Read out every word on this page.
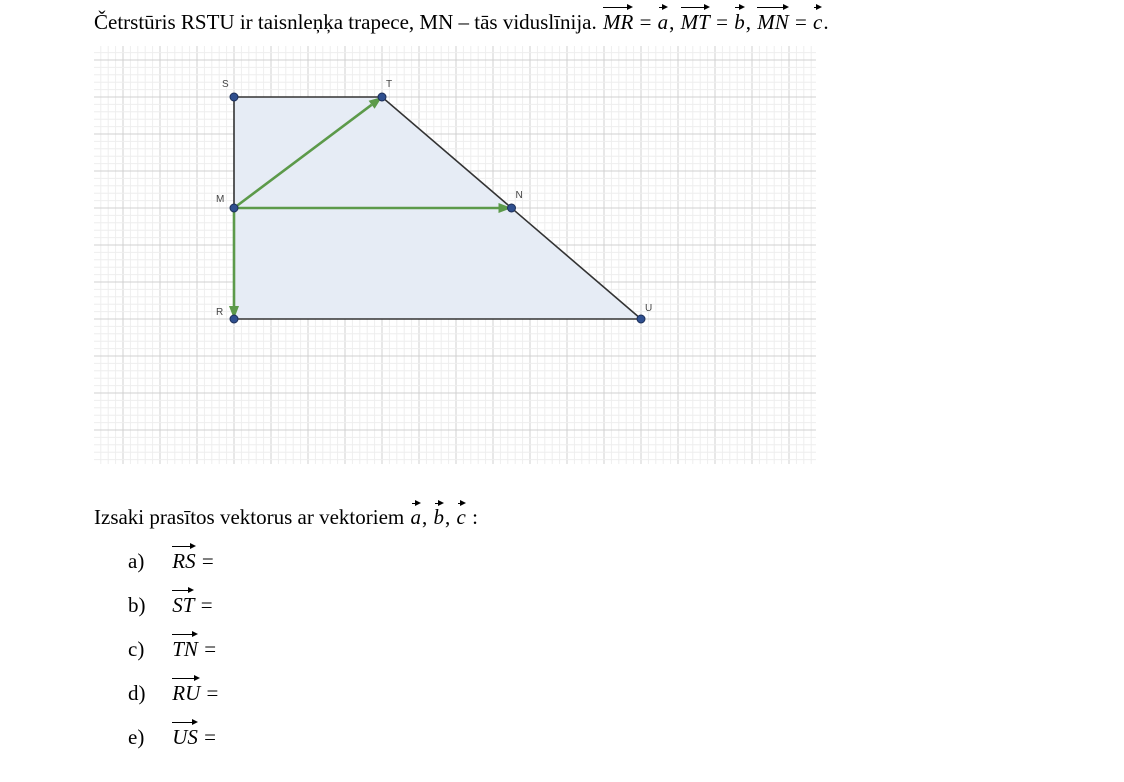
Četrstūris RSTU ir taisnleņķa trapece, MN – tās viduslīnija. MR = a, MT = b, MN = c.
S	T
M	N
R	U
Izsaki prasītos vektorus ar vektoriem a, b, c :
a) RS =
b) ST =
c) TN =
d) RU =
e) US =
